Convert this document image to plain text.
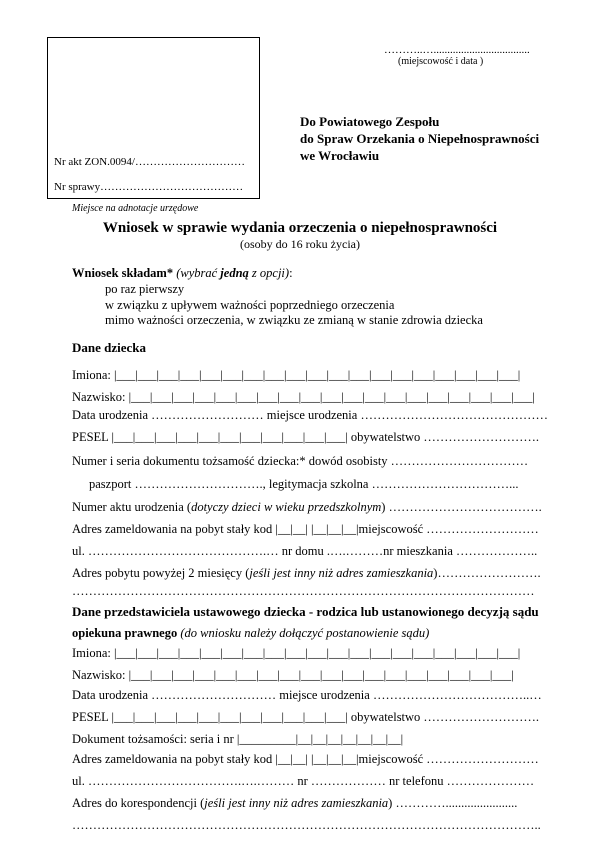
………..…...................................
(miejscowość i data )
Nr akt ZON.0094/…………………………
Nr sprawy…………………………………
Miejsce na adnotacje urzędowe
Do Powiatowego Zespołu
do Spraw Orzekania o Niepełnosprawności
we Wrocławiu
Wniosek w sprawie wydania orzeczenia o niepełnosprawności
(osoby do 16 roku życia)
Wniosek składam* (wybrać jedną z opcji):
po raz pierwszy
w związku z upływem ważności poprzedniego orzeczenia
mimo ważności orzeczenia, w związku ze zmianą w stanie zdrowia dziecka
Dane dziecka
Imiona: |___|___|___|___|___|___|___|___|___|___|___|___|___|___|___|___|___|___|___|
Nazwisko: |___|___|___|___|___|___|___|___|___|___|___|___|___|___|___|___|___|___|___|
Data urodzenia ……………………… miejsce urodzenia ………………………………………
PESEL |___|___|___|___|___|___|___|___|___|___|___| obywatelstwo ……………………….
Numer i seria dokumentu tożsamość dziecka:* dowód osobisty ……………………………
paszport …………………………., legitymacja szkolna ……………………………...
Numer aktu urodzenia (dotyczy dzieci w wieku przedszkolnym) ……………………………….
Adres zameldowania na pobyt stały kod |__|__| |__|__|__|miejscowość ………………………
ul. …………………………………….… nr domu .….………nr mieszkania ………………..
Adres pobytu powyżej 2 miesięcy (jeśli jest inny niż adres zamieszkania)…………………….
…………………………………………………………………………………………………
Dane przedstawiciela ustawowego dziecka - rodzica lub ustanowionego decyzją sądu
opiekuna prawnego (do wniosku należy dołączyć postanowienie sądu)
Imiona: |___|___|___|___|___|___|___|___|___|___|___|___|___|___|___|___|___|___|___|
Nazwisko: |___|___|___|___|___|___|___|___|___|___|___|___|___|___|___|___|___|___|
Data urodzenia ………………………… miejsce urodzenia ………………………………..…
PESEL |___|___|___|___|___|___|___|___|___|___|___| obywatelstwo ……………………….
Dokument tożsamości: seria i nr |_________|__|__|__|__|__|__|__|
Adres zameldowania na pobyt stały kod |__|__| |__|__|__|miejscowość ………………………
ul. ……………………………….….……… nr ……………… nr telefonu …………………
Adres do korespondencji (jeśli jest inny niż adres zamieszkania) ………….......................
…………………………………………………………………………………………………..
